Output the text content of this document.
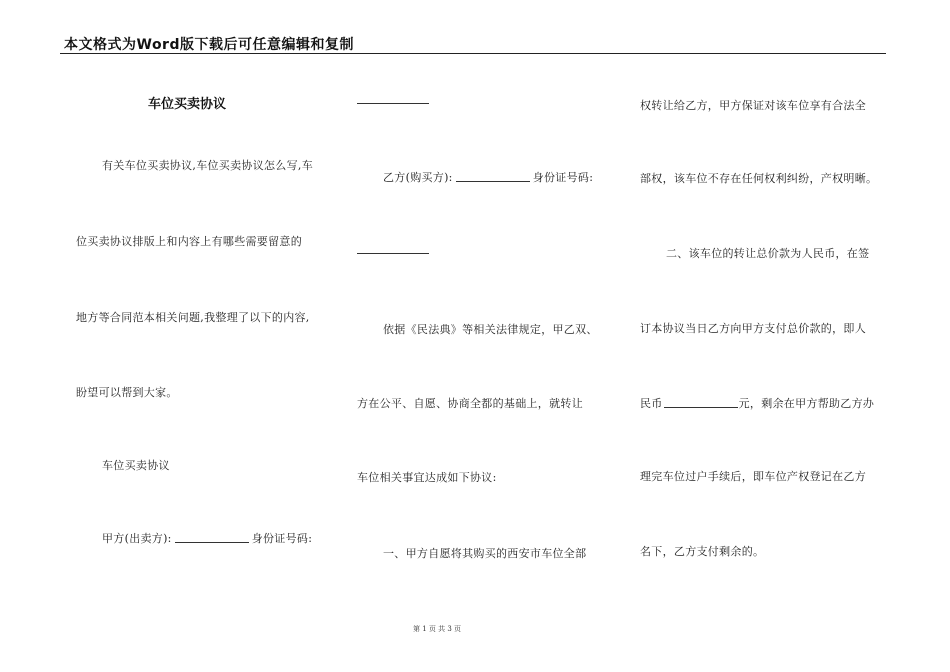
本文格式为Word版下载后可任意编辑和复制
车位买卖协议
有关车位买卖协议,车位买卖协议怎么写,车
位买卖协议排版上和内容上有哪些需要留意的
地方等合同范本相关问题,我整理了以下的内容,
盼望可以帮到大家。
车位买卖协议
甲方(出卖方):	身份证号码:
乙方(购买方):	身份证号码:
依据《民法典》等相关法律规定，甲乙双、
方在公平、自愿、协商全都的基础上，就转让
车位相关事宜达成如下协议:
一、甲方自愿将其购买的西安市车位全部
权转让给乙方，甲方保证对该车位享有合法全
部权，该车位不存在任何权利纠纷，产权明晰。
二、该车位的转让总价款为人民币，在签
订本协议当日乙方向甲方支付总价款的，即人
民币	元，剩余在甲方帮助乙方办
理完车位过户手续后，即车位产权登记在乙方
名下，乙方支付剩余的。
第 1 页 共 3 页
